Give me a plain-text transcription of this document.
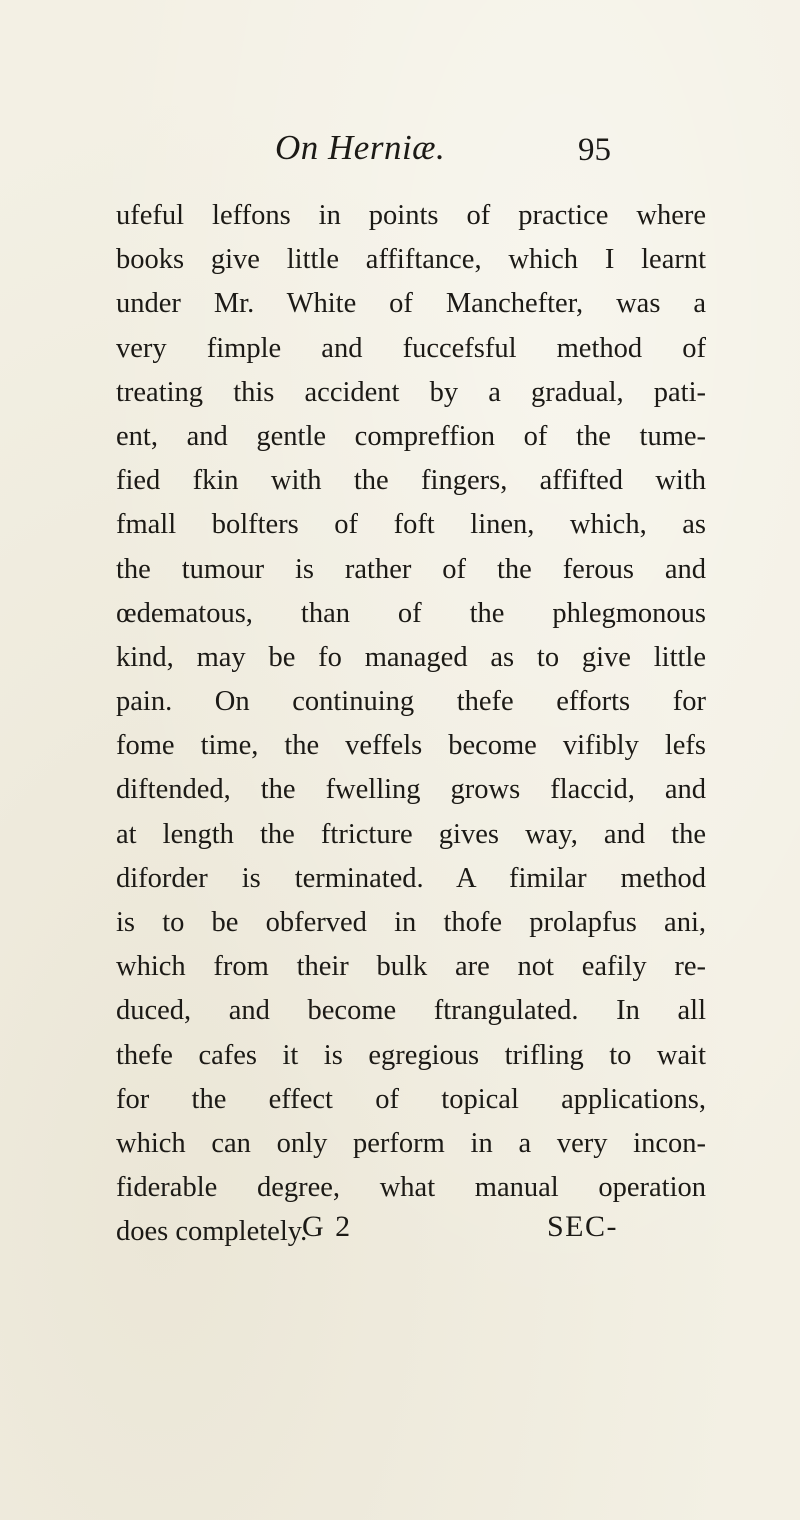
On Herniæ.	95
ufeful leffons in points of practice where
books give little affiftance, which I learnt
under Mr. White of Manchefter, was a
very fimple and fuccefsful method of
treating this accident by a gradual, pati-
ent, and gentle compreffion of the tume-
fied fkin with the fingers, affifted with
fmall bolfters of foft linen, which, as
the tumour is rather of the ferous and
œdematous, than of the phlegmonous
kind, may be fo managed as to give little
pain. On continuing thefe efforts for
fome time, the veffels become vifibly lefs
diftended, the fwelling grows flaccid, and
at length the ftricture gives way, and the
diforder is terminated. A fimilar method
is to be obferved in thofe prolapfus ani,
which from their bulk are not eafily re-
duced, and become ftrangulated. In all
thefe cafes it is egregious trifling to wait
for the effect of topical applications,
which can only perform in a very incon-
fiderable degree, what manual operation
does completely.
G 2	SEC-
